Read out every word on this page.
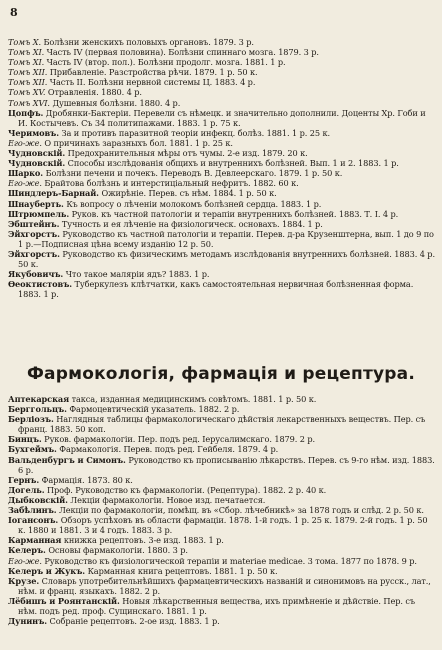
8
Томъ X. Болѣзни женскихъ половыхъ органовъ. 1879. 3 р.
Томъ XI. Часть IV (первая половина). Болѣзни спиннаго мозга. 1879. 3 р.
Томъ XI. Часть IV (втор. пол.). Болѣзни продолг. мозга. 1881. 1 р.
Томъ XII. Прибавленіе. Разстройства рѣчи. 1879. 1 р. 50 к.
Томъ XII. Часть II. Болѣзни нервной системы Ц. 1883. 4 р.
Томъ XV. Отравленія. 1880. 4 р.
Томъ XVI. Душевныя болѣзни. 1880. 4 р.
Цопфъ. Дробянки-Бактеріи. Перевели съ нѣмецк. и значительно дополнили. Доценты Хр. Гоби и И. Костычевъ. Съ 34 политипажами. 1883. 1 р. 75 к.
Черимовъ. За и противъ паразитной теоріи инфекц. болѣз. 1881. 1 р. 25 к.
Его-же. О причинахъ заразныхъ бол. 1881. 1 р. 25 к.
Чудновскій. Предохранительныя мѣры отъ чумы. 2-е изд. 1879. 20 к.
Чудновскій. Способы изслѣдованія общихъ и внутреннихъ болѣзней. Вып. 1 и 2. 1883. 1 р.
Шарко. Болѣзни печени и почекъ. Переводъ В. Девлеерскаго. 1879. 1 р. 50 к.
Его-же. Брайтова болѣзнь и интерстиціальный нефритъ. 1882. 60 к.
Шиндлеръ-Барнай. Ожирѣніе. Перев. съ нѣм. 1884. 1 р. 50 к.
Шнауберть. Къ вопросу о лѣченіи молокомъ болѣзней сердца. 1883. 1 р.
Штрюмпель. Руков. къ частной патологіи и терапіи внутреннихъ болѣзней. 1883. Т. I. 4 р.
Эбштейнъ. Тучность и ея лѣченіе на физіологическ. основахъ. 1884. 1 р.
Эйхгорстъ. Руководство къ частной патологіи и терапіи. Перев. д-ра Крузенштерна, вып. 1 до 9 по 1 р.—Подписная цѣна всему изданію 12 р. 50.
Эйхгорстъ. Руководство къ физическимъ методамъ изслѣдованія внутреннихъ болѣзней. 1883. 4 р. 50 к.
Якубовичъ. Что такое маляріи ядъ? 1883. 1 р.
Өеоктистовъ. Туберкулезъ клѣтчатки, какъ самостоятельная нервичная болѣзненная форма. 1883. 1 р.
Фармокологія, фармація и рецептура.
Аптекарская такса, изданная медицинскимъ совѣтомъ. 1881. 1 р. 50 к.
Берггольцъ. Фармоцевтическій указатель. 1882. 2 р.
Берліозъ. Наглядныя таблицы фармакологическаго дѣйствія лекарственныхъ веществъ. Пер. съ франц. 1883. 50 коп.
Бинцъ. Руков. фармакологіи. Пер. подъ ред. Іерусалимскаго. 1879. 2 р.
Бухгеймъ. Фармакологія. Перев. подъ ред. Гейбеля. 1879. 4 р.
Вальденбургъ и Симонъ. Руководство къ прописыванію лѣкарствъ. Перев. съ 9-го нѣм. изд. 1883. 6 р.
Гернъ. Фармація. 1873. 80 к.
Догель. Проф. Руководство къ фармакологіи. (Рецептура). 1882. 2 р. 40 к.
Дыбковскій. Лекціи фармакологіи. Новое изд. печатается.
Забѣлинъ. Лекціи по фармакологіи, помѣщ. въ «Сбор. лѣчебникѣ» за 1878 годъ и слѣд. 2 р. 50 к.
Іогансонъ. Обзоръ успѣховъ въ области фармаціи. 1878. 1-й годъ. 1 р. 25 к. 1879. 2-й годъ. 1 р. 50 к. 1880 и 1881. 3 и 4 годъ. 1883. 3 р.
Карманная книжка рецептовъ. 3-е изд. 1883. 1 р.
Келеръ. Основы фармакологіи. 1880. 3 р.
Его-же. Руководство къ физіологической терапіи и materiae medicae. 3 тома. 1877 по 1878. 9 р.
Келеръ и Жукъ. Карманная книга рецептовъ. 1881. 1 р. 50 к.
Крузе. Словарь употребительнѣйшихъ фармацевтическихъ названій и синонимовъ на русск., лат., нѣм. и франц. языкахъ. 1882. 2 р.
Лёбишъ и Роянтанскій. Новыя лѣкарственныя вещества, ихъ примѣненіе и дѣйствіе. Пер. съ нѣм. подъ ред. проф. Сущинскаго. 1881. 1 р.
Дунинъ. Собраніе рецептовъ. 2-ое изд. 1883. 1 р.
